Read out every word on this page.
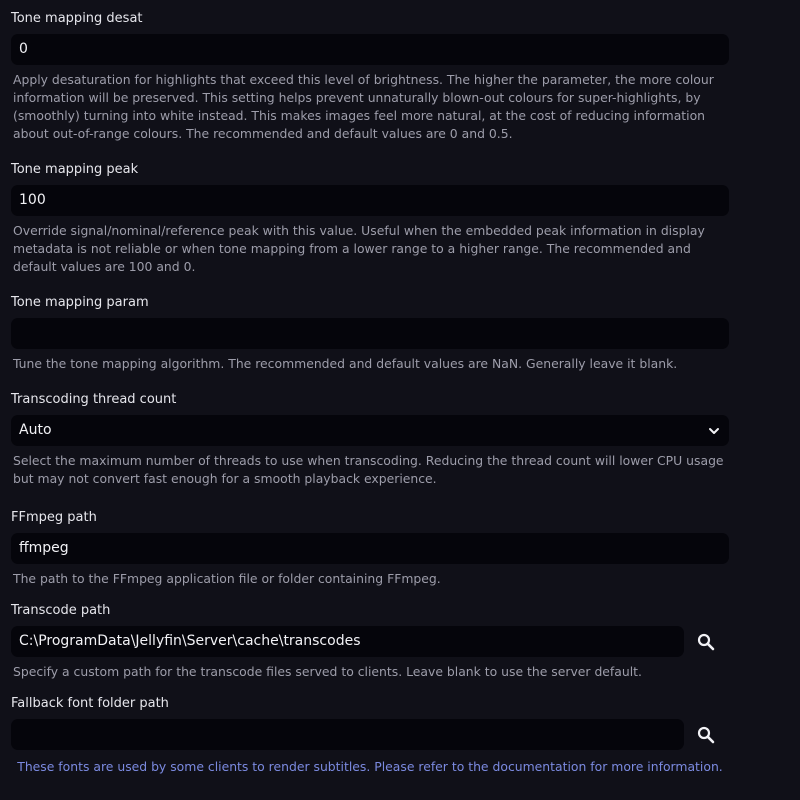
Tone mapping desat
0
Apply desaturation for highlights that exceed this level of brightness. The higher the parameter, the more colour information will be preserved. This setting helps prevent unnaturally blown-out colours for super-highlights, by (smoothly) turning into white instead. This makes images feel more natural, at the cost of reducing information about out-of-range colours. The recommended and default values are 0 and 0.5.
Tone mapping peak
100
Override signal/nominal/reference peak with this value. Useful when the embedded peak information in display metadata is not reliable or when tone mapping from a lower range to a higher range. The recommended and default values are 100 and 0.
Tone mapping param
Tune the tone mapping algorithm. The recommended and default values are NaN. Generally leave it blank.
Transcoding thread count
Auto
Select the maximum number of threads to use when transcoding. Reducing the thread count will lower CPU usage but may not convert fast enough for a smooth playback experience.
FFmpeg path
ffmpeg
The path to the FFmpeg application file or folder containing FFmpeg.
Transcode path
C:\ProgramData\Jellyfin\Server\cache\transcodes
Specify a custom path for the transcode files served to clients. Leave blank to use the server default.
Fallback font folder path
These fonts are used by some clients to render subtitles. Please refer to the documentation for more information.
